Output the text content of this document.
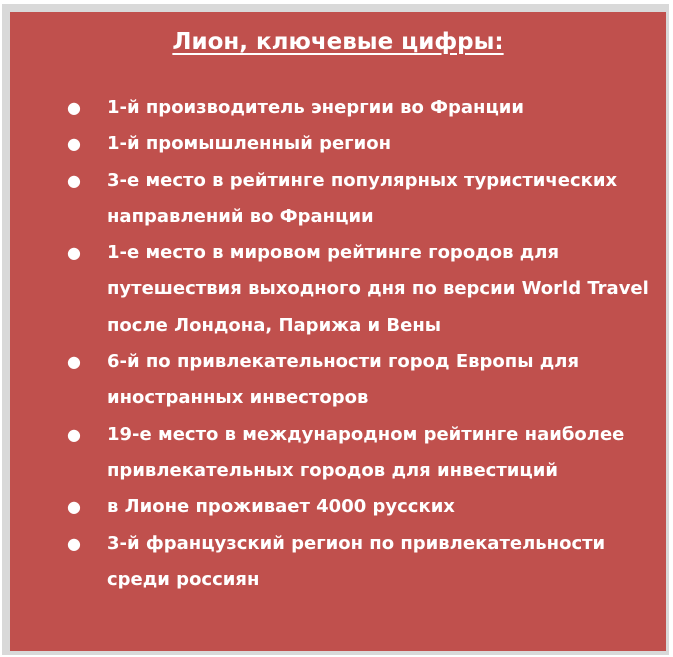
Лион, ключевые цифры:
●
1-й производитель энергии во Франции
●
1-й промышленный регион
●
3-е место в рейтинге популярных туристических направлений во Франции
●
1-е место в мировом рейтинге городов для путешествия выходного дня по версии World Travel после Лондона, Парижа и Вены
●
6-й по привлекательности город Европы для иностранных инвесторов
●
19-е место в международном рейтинге наиболее привлекательных городов для инвестиций
●
в Лионе проживает 4000 русских
●
3-й французский регион по привлекательности среди россиян
